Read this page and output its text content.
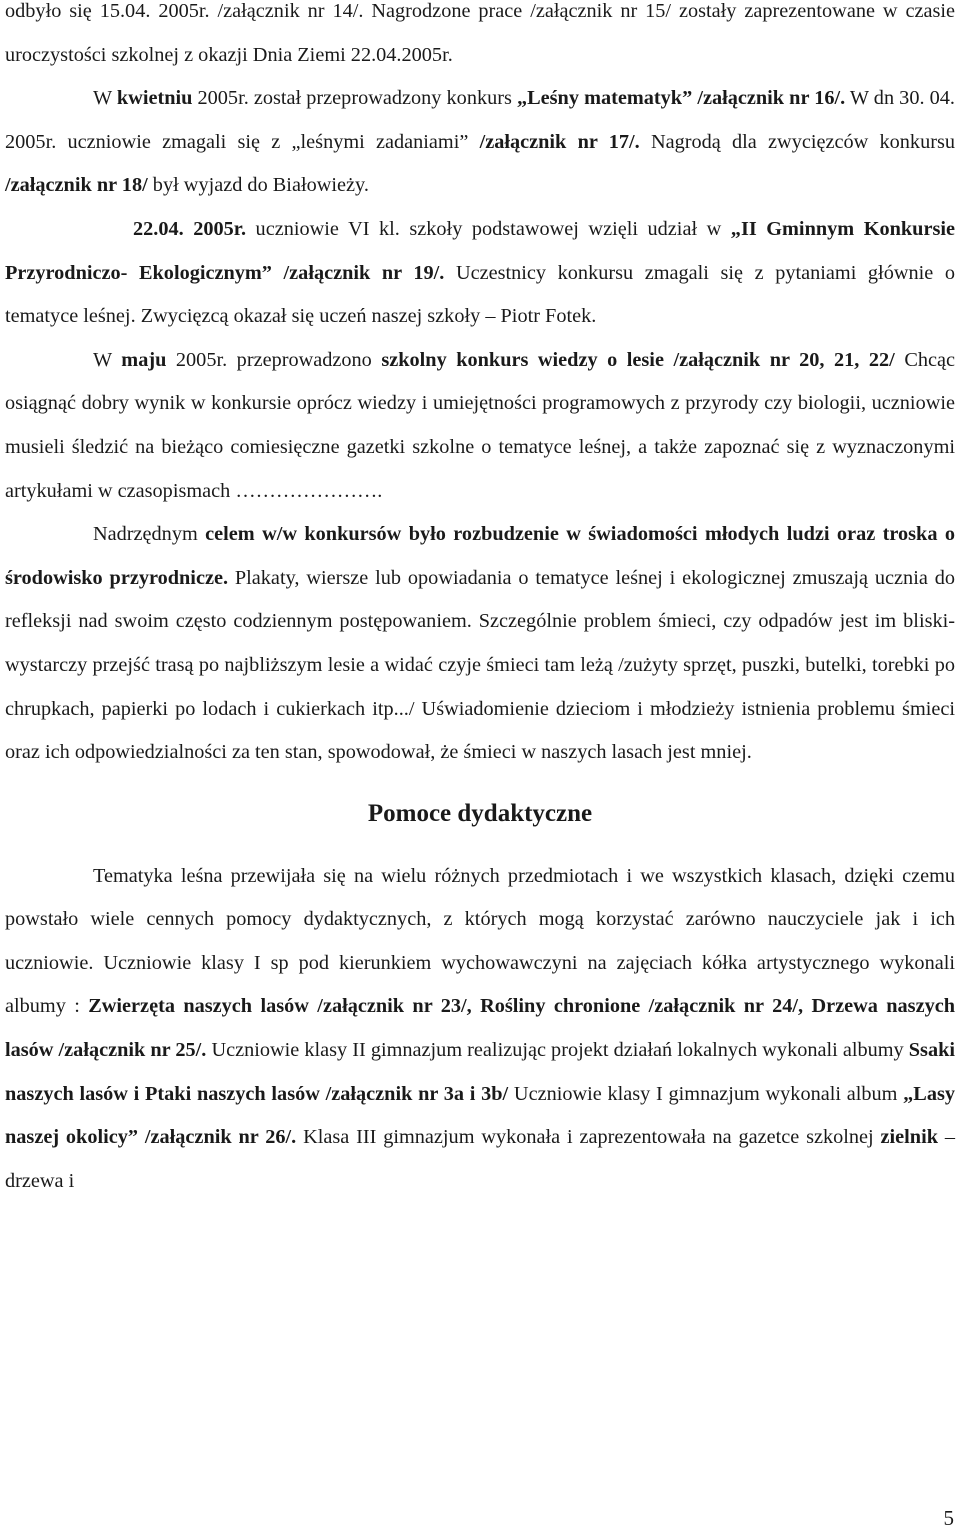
odbyło się 15.04. 2005r. /załącznik nr 14/. Nagrodzone prace /załącznik nr 15/ zostały zaprezentowane w czasie uroczystości szkolnej z okazji Dnia Ziemi 22.04.2005r.

W kwietniu 2005r. został przeprowadzony konkurs „Leśny matematyk” /załącznik nr 16/. W dn 30. 04. 2005r. uczniowie zmagali się z „leśnymi zadaniami” /załącznik nr 17/. Nagrodą dla zwycięzców konkursu /załącznik nr 18/ był wyjazd do Białowieży.

22.04. 2005r. uczniowie VI kl. szkoły podstawowej wzięli udział w „II Gminnym Konkursie Przyrodniczo- Ekologicznym” /załącznik nr 19/. Uczestnicy konkursu zmagali się z pytaniami głównie o tematyce leśnej. Zwycięzcą okazał się uczeń naszej szkoły – Piotr Fotek.

W maju 2005r. przeprowadzono szkolny konkurs wiedzy o lesie /załącznik nr 20, 21, 22/ Chcąc osiągnąć dobry wynik w konkursie oprócz wiedzy i umiejętności programowych z przyrody czy biologii, uczniowie musieli śledzić na bieżąco comiesięczne gazetki szkolne o tematyce leśnej, a także zapoznać się z wyznaczonymi artykułami w czasopismach ………………….

Nadrzędnym celem w/w konkursów było rozbudzenie w świadomości młodych ludzi oraz troska o środowisko przyrodnicze. Plakaty, wiersze lub opowiadania o tematyce leśnej i ekologicznej zmuszają ucznia do refleksji nad swoim często codziennym postępowaniem. Szczególnie problem śmieci, czy odpadów jest im bliski- wystarczy przejść trasą po najbliższym lesie a widać czyje śmieci tam leżą /zużyty sprzęt, puszki, butelki, torebki po chrupkach, papierki po lodach i cukierkach itp.../ Uświadomienie dzieciom i młodzieży istnienia problemu śmieci oraz ich odpowiedzialności za ten stan, spowodował, że śmieci w naszych lasach jest mniej.

Pomoce dydaktyczne

Tematyka leśna przewijała się na wielu różnych przedmiotach i we wszystkich klasach, dzięki czemu powstało wiele cennych pomocy dydaktycznych, z których mogą korzystać zarówno nauczyciele jak i ich uczniowie. Uczniowie klasy I sp pod kierunkiem wychowawczyni na zajęciach kółka artystycznego wykonali albumy : Zwierzęta naszych lasów /załącznik nr 23/, Rośliny chronione /załącznik nr 24/, Drzewa naszych lasów /załącznik nr 25/. Uczniowie klasy II gimnazjum realizując projekt działań lokalnych wykonali albumy Ssaki naszych lasów i Ptaki naszych lasów /załącznik nr 3a i 3b/ Uczniowie klasy I gimnazjum wykonali album „Lasy naszej okolicy” /załącznik nr 26/. Klasa III gimnazjum wykonała i zaprezentowała na gazetce szkolnej zielnik – drzewa i

5
